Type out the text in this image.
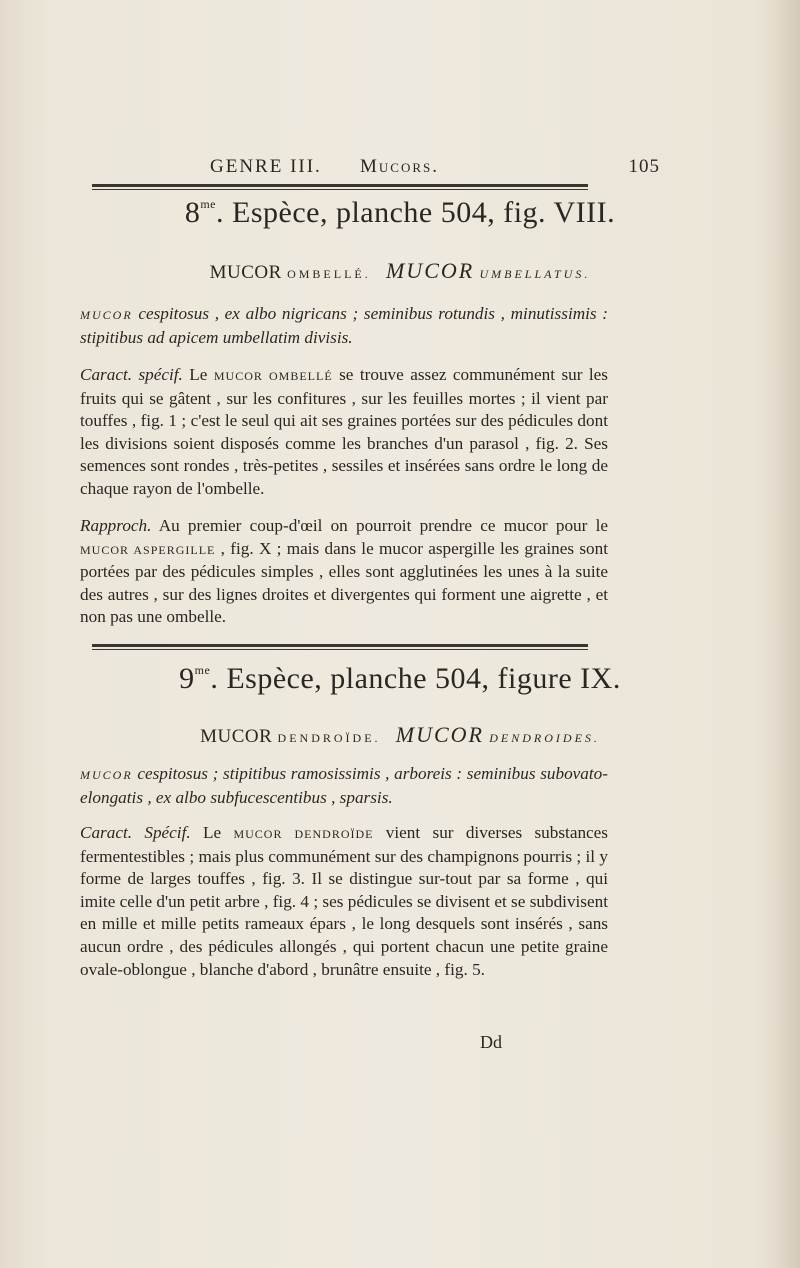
GENRE III. Mucors.	105
$8^{me}$. Espèce, planche 504, fig. VIII.
MUCOR OMBELLÉ. MUCOR UMBELLATUS.
MUCOR cespitosus , ex albo nigricans ; seminibus rotundis , minutissimis : stipitibus ad apicem umbellatim divisis.
Caract. spécif. Le MUCOR OMBELLÉ se trouve assez communément sur les fruits qui se gâtent , sur les confitures , sur les feuilles mortes ; il vient par touffes , fig. 1 ; c'est le seul qui ait ses graines portées sur des pédicules dont les divisions soient disposés comme les branches d'un parasol , fig. 2. Ses semences sont rondes , très-petites , sessiles et insérées sans ordre le long de chaque rayon de l'ombelle.
Rapproch. Au premier coup-d'œil on pourroit prendre ce mucor pour le MUCOR ASPERGILLE , fig. X ; mais dans le mucor aspergille les graines sont portées par des pédicules simples , elles sont agglutinées les unes à la suite des autres , sur des lignes droites et divergentes qui forment une aigrette , et non pas une ombelle.
$9^{me}$. Espèce, planche 504, figure IX.
MUCOR DENDROÏDE. MUCOR DENDROIDES.
MUCOR cespitosus ; stipitibus ramosissimis , arboreis : seminibus subovato-elongatis , ex albo subfucescentibus , sparsis.
Caract. Spécif. Le MUCOR DENDROÏDE vient sur diverses substances fermentestibles ; mais plus communément sur des champignons pourris ; il y forme de larges touffes , fig. 3. Il se distingue sur-tout par sa forme , qui imite celle d'un petit arbre , fig. 4 ; ses pédicules se divisent et se subdivisent en mille et mille petits rameaux épars , le long desquels sont insérés , sans aucun ordre , des pédicules allongés , qui portent chacun une petite graine ovale-oblongue , blanche d'abord , brunâtre ensuite , fig. 5.
Dd
